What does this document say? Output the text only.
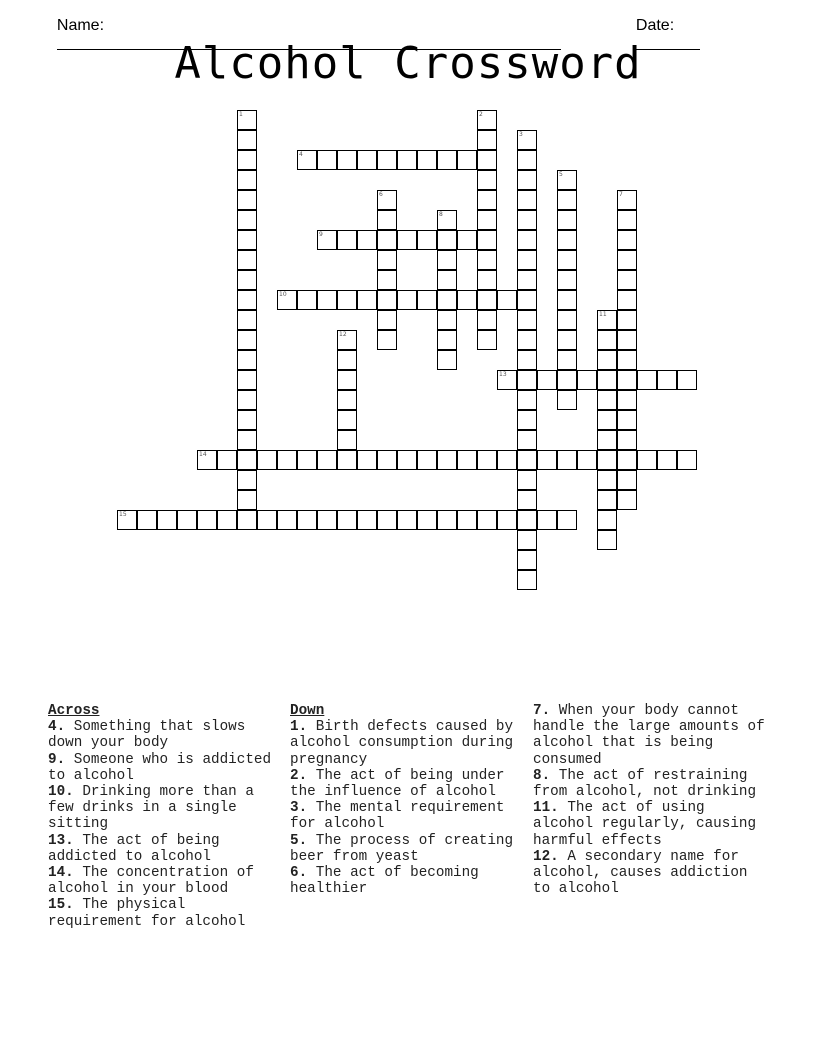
Name:
	Date:

Alcohol Crossword
4
9
10
13
14
15
1	2
3
5
6	7
8
11
12
Across
4. Something that slows down your body
9. Someone who is addicted to alcohol
10. Drinking more than a few drinks in a single sitting
13. The act of being addicted to alcohol
14. The concentration of alcohol in your blood
15. The physical requirement for alcohol
Down
1. Birth defects caused by alcohol consumption during pregnancy
2. The act of being under the influence of alcohol
3. The mental requirement for alcohol
5. The process of creating beer from yeast
6. The act of becoming healthier
7. When your body cannot handle the large amounts of alcohol that is being consumed
8. The act of restraining from alcohol, not drinking
11. The act of using alcohol regularly, causing harmful effects
12. A secondary name for alcohol, causes addiction to alcohol
